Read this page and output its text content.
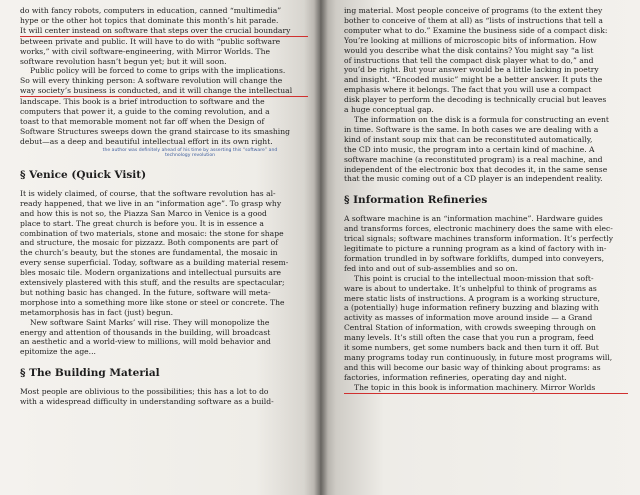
do with fancy robots, computers in education, canned “multimedia”
hype or the other hot topics that dominate this month’s hit parade.
It will center instead on software that steps over the crucial boundary
between private and public. It will have to do with “public software
works,” with civil software-engineering, with Mirror Worlds. The
software revolution hasn’t begun yet; but it will soon.
Public policy will be forced to come to grips with the implications.
So will every thinking person: A software revolution will change the
way society’s business is conducted, and it will change the intellectual
landscape. This book is a brief introduction to software and the
computers that power it, a guide to the coming revolution, and a
toast to that memorable moment not far off when the Design of
Software Structures sweeps down the grand staircase to its smashing
debut—as a deep and beautiful intellectual effort in its own right.

the author was definitely ahead of his time by asserting this “software” and technology revolution
§ Venice (Quick Visit)

It is widely claimed, of course, that the software revolution has al-
ready happened, that we live in an “information age”. To grasp why
and how this is not so, the Piazza San Marco in Venice is a good
place to start. The great church is before you. It is in essence a
combination of two materials, stone and mosaic: the stone for shape
and structure, the mosaic for pizzazz. Both components are part of
the church’s beauty, but the stones are fundamental, the mosaic in
every sense superficial. Today, software as a building material resem-
bles mosaic tile. Modern organizations and intellectual pursuits are
extensively plastered with this stuff, and the results are spectacular;
but nothing basic has changed. In the future, software will meta-
morphose into a something more like stone or steel or concrete. The
metamorphosis has in fact (just) begun.
New software Saint Marks’ will rise. They will monopolize the
energy and attention of thousands in the building, will broadcast
an aesthetic and a world-view to millions, will mold behavior and
epitomize the age...

§ The Building Material

Most people are oblivious to the possibilities; this has a lot to do
with a widespread difficulty in understanding software as a build-

ing material. Most people conceive of programs (to the extent they
bother to conceive of them at all) as “lists of instructions that tell a
computer what to do.” Examine the business side of a compact disk:
You’re looking at millions of microscopic bits of information. How
would you describe what the disk contains? You might say “a list
of instructions that tell the compact disk player what to do,” and
you’d be right. But your answer would be a little lacking in poetry
and insight. “Encoded music” might be a better answer. It puts the
emphasis where it belongs. The fact that you will use a compact
disk player to perform the decoding is technically crucial but leaves
a huge conceptual gap.
The information on the disk is a formula for constructing an event
in time. Software is the same. In both cases we are dealing with a
kind of instant soup mix that can be reconstituted automatically,
the CD into music, the program into a certain kind of machine. A
software machine (a reconstituted program) is a real machine, and
independent of the electronic box that decodes it, in the same sense
that the music coming out of a CD player is an independent reality.

§ Information Refineries

A software machine is an “information machine”. Hardware guides
and transforms forces, electronic machinery does the same with elec-
trical signals; software machines transform information. It’s perfectly
legitimate to picture a running program as a kind of factory with in-
formation trundled in by software forklifts, dumped into conveyers,
fed into and out of sub-assemblies and so on.
This point is crucial to the intellectual moon-mission that soft-
ware is about to undertake. It’s unhelpful to think of programs as
mere static lists of instructions. A program is a working structure,
a (potentially) huge information refinery buzzing and blazing with
activity as masses of information move around inside — a Grand
Central Station of information, with crowds sweeping through on
many levels. It’s still often the case that you run a program, feed
it some numbers, get some numbers back and then turn it off. But
many programs today run continuously, in future most programs will,
and this will become our basic way of thinking about programs: as
factories, information refineries, operating day and night.
The topic in this book is information machinery. Mirror Worlds
